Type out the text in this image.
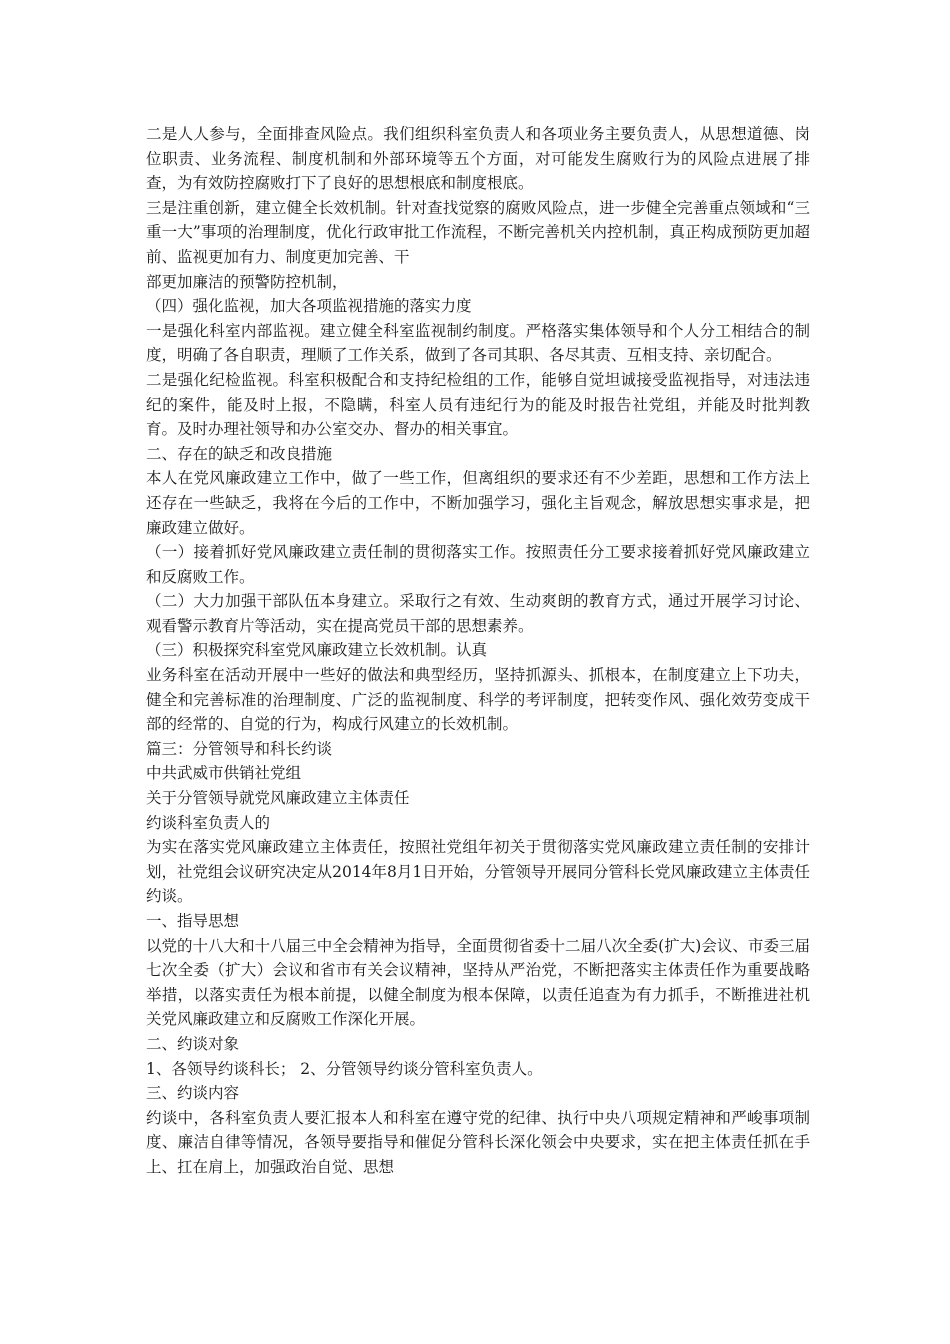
二是人人参与，全面排查风险点。我们组织科室负责人和各项业务主要负责人，从思想道德、岗位职责、业务流程、制度机制和外部环境等五个方面，对可能发生腐败行为的风险点进展了排查，为有效防控腐败打下了良好的思想根底和制度根底。

三是注重创新，建立健全长效机制。针对查找觉察的腐败风险点，进一步健全完善重点领域和“三重一大”事项的治理制度，优化行政审批工作流程，不断完善机关内控机制，真正构成预防更加超前、监视更加有力、制度更加完善、干

部更加廉洁的预警防控机制，

（四）强化监视，加大各项监视措施的落实力度

一是强化科室内部监视。建立健全科室监视制约制度。严格落实集体领导和个人分工相结合的制度，明确了各自职责，理顺了工作关系，做到了各司其职、各尽其责、互相支持、亲切配合。

二是强化纪检监视。科室积极配合和支持纪检组的工作，能够自觉坦诚接受监视指导，对违法违纪的案件，能及时上报，不隐瞒，科室人员有违纪行为的能及时报告社党组，并能及时批判教育。及时办理社领导和办公室交办、督办的相关事宜。

二、存在的缺乏和改良措施

本人在党风廉政建立工作中，做了一些工作，但离组织的要求还有不少差距，思想和工作方法上还存在一些缺乏，我将在今后的工作中，不断加强学习，强化主旨观念，解放思想实事求是，把廉政建立做好。

（一）接着抓好党风廉政建立责任制的贯彻落实工作。按照责任分工要求接着抓好党风廉政建立和反腐败工作。

（二）大力加强干部队伍本身建立。采取行之有效、生动爽朗的教育方式，通过开展学习讨论、观看警示教育片等活动，实在提高党员干部的思想素养。

（三）积极探究科室党风廉政建立长效机制。认真

业务科室在活动开展中一些好的做法和典型经历，坚持抓源头、抓根本，在制度建立上下功夫，健全和完善标准的治理制度、广泛的监视制度、科学的考评制度，把转变作风、强化效劳变成干部的经常的、自觉的行为，构成行风建立的长效机制。

篇三：分管领导和科长约谈

中共武威市供销社党组

关于分管领导就党风廉政建立主体责任

约谈科室负责人的

为实在落实党风廉政建立主体责任，按照社党组年初关于贯彻落实党风廉政建立责任制的安排计划，社党组会议研究决定从2014年8月1日开始，分管领导开展同分管科长党风廉政建立主体责任约谈。

一、指导思想

以党的十八大和十八届三中全会精神为指导，全面贯彻省委十二届八次全委(扩大)会议、市委三届七次全委（扩大）会议和省市有关会议精神，坚持从严治党，不断把落实主体责任作为重要战略举措，以落实责任为根本前提，以健全制度为根本保障，以责任追查为有力抓手，不断推进社机关党风廉政建立和反腐败工作深化开展。

二、约谈对象

1、各领导约谈科长； 2、分管领导约谈分管科室负责人。

三、约谈内容

约谈中，各科室负责人要汇报本人和科室在遵守党的纪律、执行中央八项规定精神和严峻事项制度、廉洁自律等情况，各领导要指导和催促分管科长深化领会中央要求，实在把主体责任抓在手上、扛在肩上，加强政治自觉、思想
